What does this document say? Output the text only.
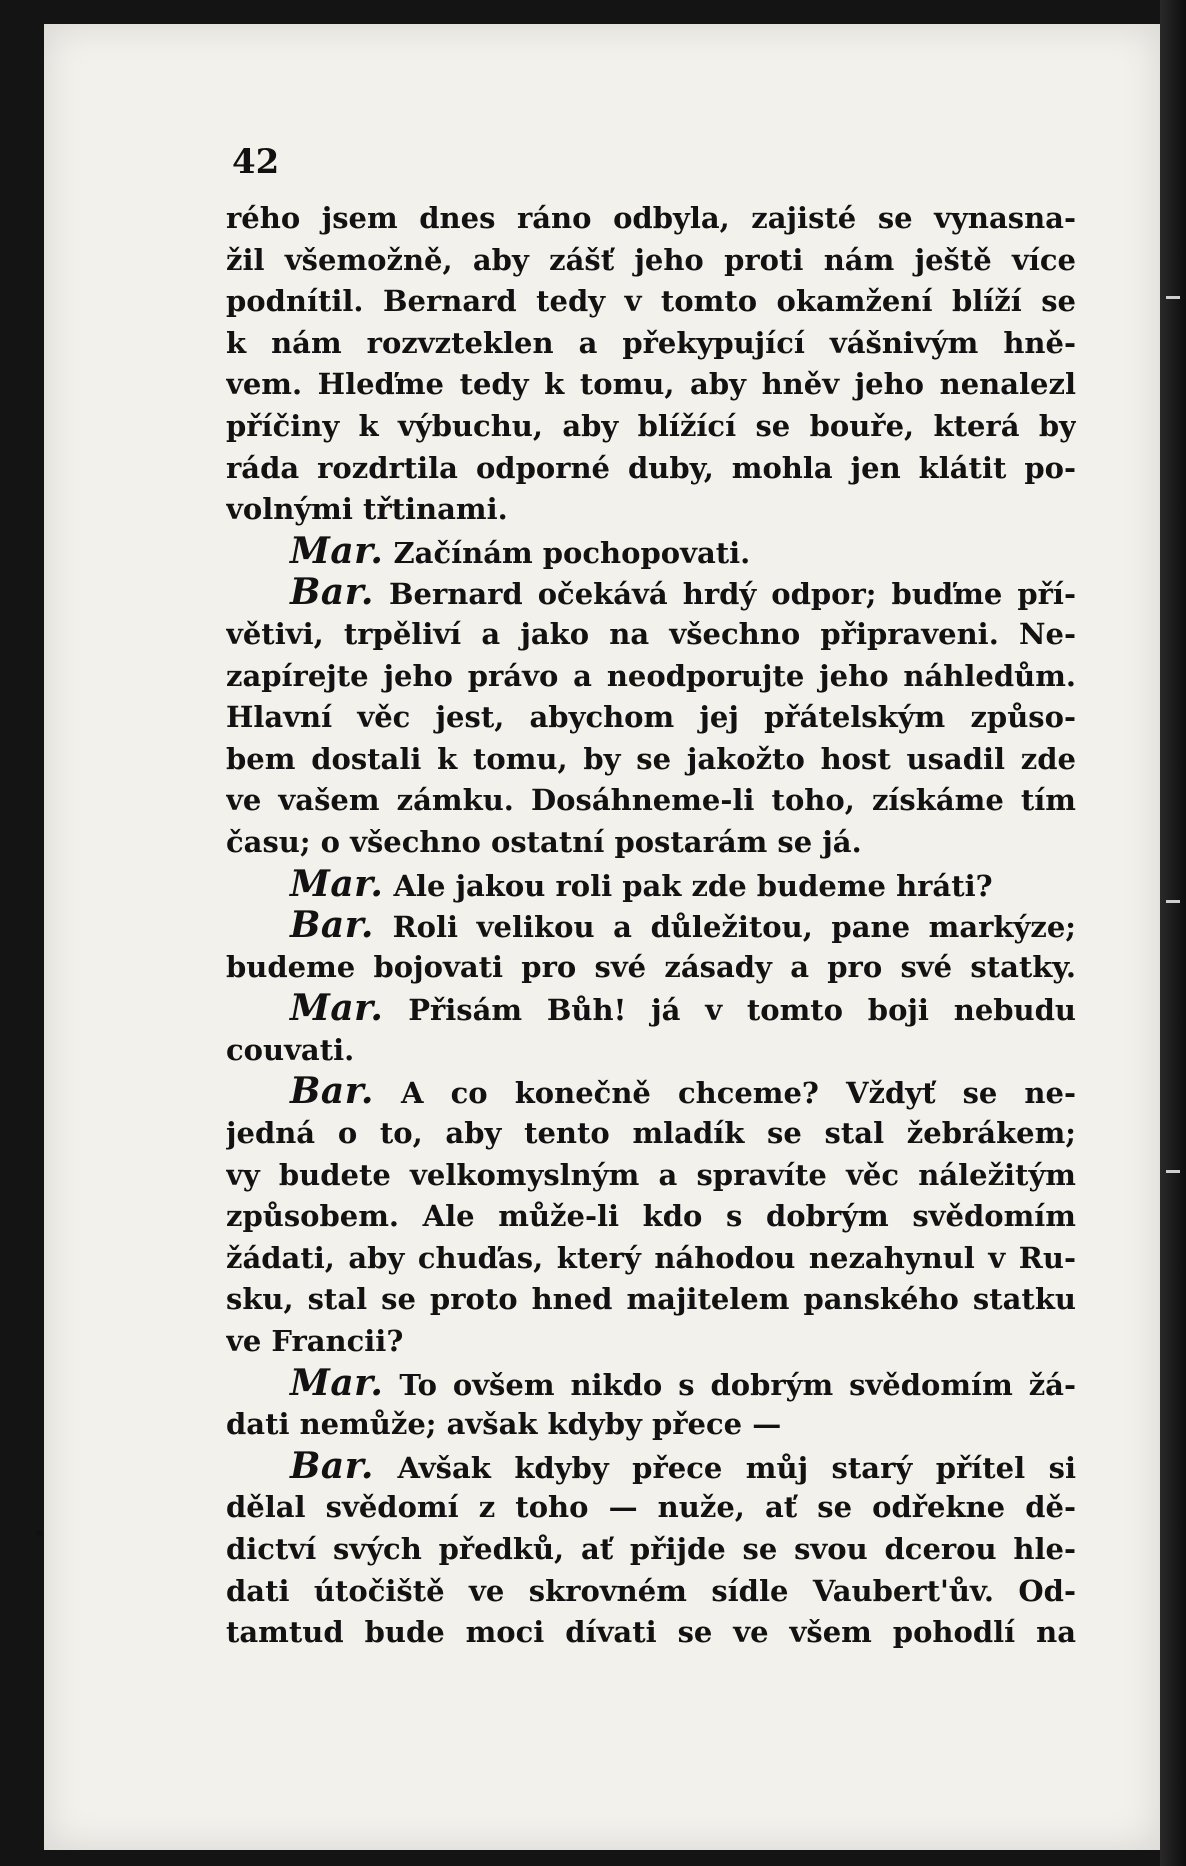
42
rého jsem dnes ráno odbyla, zajisté se vynasna-
žil všemožně, aby zášť jeho proti nám ještě více
podnítil. Bernard tedy v tomto okamžení blíží se
k nám rozvzteklen a překypující vášnivým hně-
vem. Hleďme tedy k tomu, aby hněv jeho nenalezl
příčiny k výbuchu, aby blížící se bouře, která by
ráda rozdrtila odporné duby, mohla jen klátit po-
volnými třtinami.
Mar. Začínám pochopovati.
Bar. Bernard očekává hrdý odpor; buďme pří-
větivi, trpěliví a jako na všechno připraveni. Ne-
zapírejte jeho právo a neodporujte jeho náhledům.
Hlavní věc jest, abychom jej přátelským způso-
bem dostali k tomu, by se jakožto host usadil zde
ve vašem zámku. Dosáhneme-li toho, získáme tím
času; o všechno ostatní postarám se já.
Mar. Ale jakou roli pak zde budeme hráti?
Bar. Roli velikou a důležitou, pane markýze;
budeme bojovati pro své zásady a pro své statky.
Mar. Přisám Bůh! já v tomto boji nebudu
couvati.
Bar. A co konečně chceme? Vždyť se ne-
jedná o to, aby tento mladík se stal žebrákem;
vy budete velkomyslným a spravíte věc náležitým
způsobem. Ale může-li kdo s dobrým svědomím
žádati, aby chuďas, který náhodou nezahynul v Ru-
sku, stal se proto hned majitelem panského statku
ve Francii?
Mar. To ovšem nikdo s dobrým svědomím žá-
dati nemůže; avšak kdyby přece —
Bar. Avšak kdyby přece můj starý přítel si
dělal svědomí z toho — nuže, ať se odřekne dě-
dictví svých předků, ať přijde se svou dcerou hle-
dati útočiště ve skrovném sídle Vaubert'ův. Od-
tamtud bude moci dívati se ve všem pohodlí na
